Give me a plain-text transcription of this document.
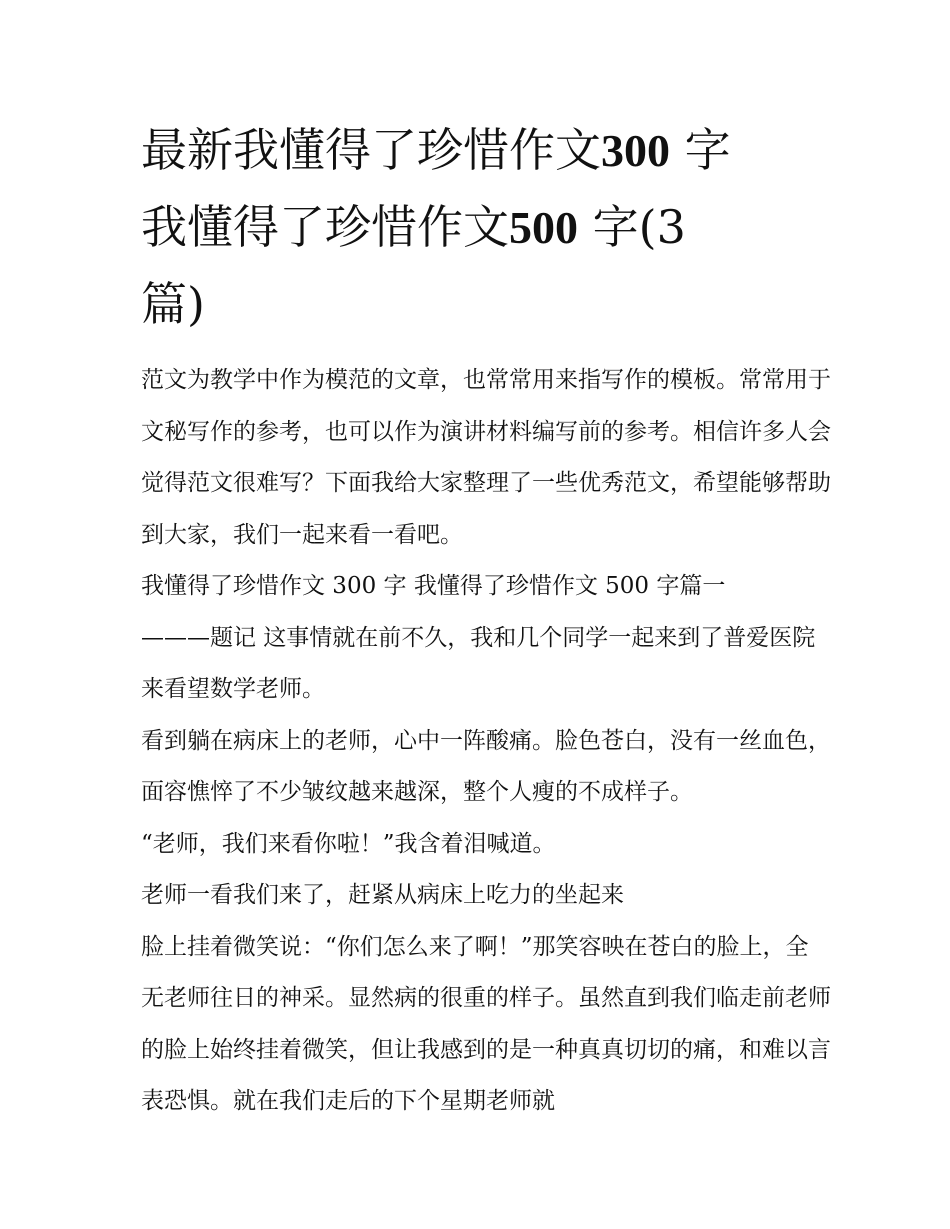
最新我懂得了珍惜作文300 字
我懂得了珍惜作文500 字(3
篇)

范文为教学中作为模范的文章，也常常用来指写作的模板。常常用于文秘写作的参考，也可以作为演讲材料编写前的参考。相信许多人会觉得范文很难写？下面我给大家整理了一些优秀范文，希望能够帮助到大家，我们一起来看一看吧。

我懂得了珍惜作文 300 字 我懂得了珍惜作文 500 字篇一

———题记 这事情就在前不久，我和几个同学一起来到了普爱医院来看望数学老师。

看到躺在病床上的老师，心中一阵酸痛。脸色苍白，没有一丝血色，面容憔悴了不少皱纹越来越深，整个人瘦的不成样子。

“老师，我们来看你啦！”我含着泪喊道。

老师一看我们来了，赶紧从病床上吃力的坐起来

脸上挂着微笑说：“你们怎么来了啊！”那笑容映在苍白的脸上，全无老师往日的神采。显然病的很重的样子。虽然直到我们临走前老师的脸上始终挂着微笑，但让我感到的是一种真真切切的痛，和难以言表恐惧。就在我们走后的下个星期老师就
